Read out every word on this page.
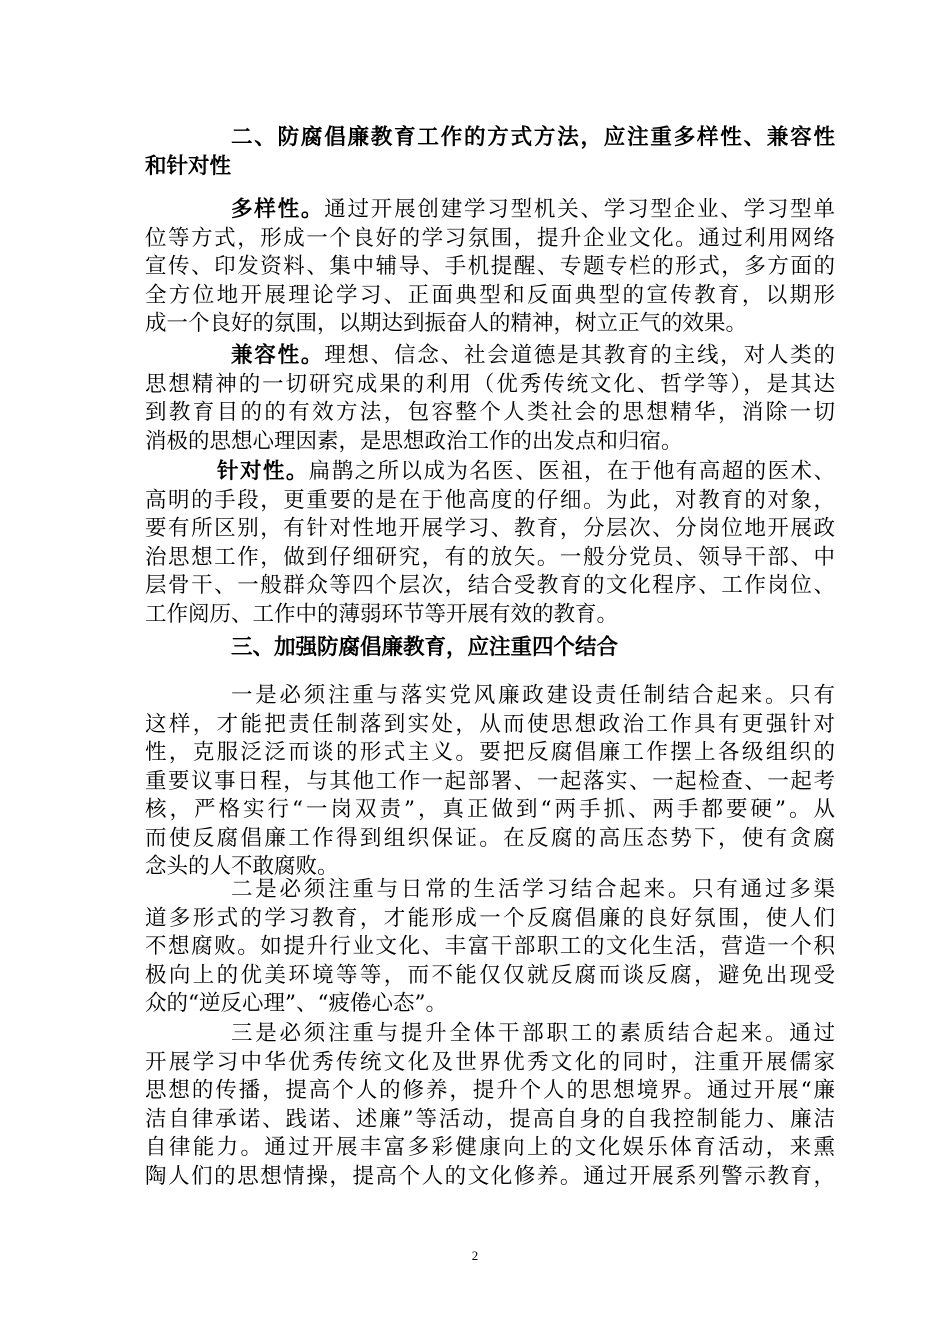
二、防腐倡廉教育工作的方式方法，应注重多样性、兼容性
和针对性
多样性。通过开展创建学习型机关、学习型企业、学习型单
位等方式，形成一个良好的学习氛围，提升企业文化。通过利用网络
宣传、印发资料、集中辅导、手机提醒、专题专栏的形式，多方面的
全方位地开展理论学习、正面典型和反面典型的宣传教育，以期形
成一个良好的氛围，以期达到振奋人的精神，树立正气的效果。
兼容性。理想、信念、社会道德是其教育的主线，对人类的
思想精神的一切研究成果的利用（优秀传统文化、哲学等），是其达
到教育目的的有效方法，包容整个人类社会的思想精华，消除一切
消极的思想心理因素，是思想政治工作的出发点和归宿。
针对性。扁鹊之所以成为名医、医祖，在于他有高超的医术、
高明的手段，更重要的是在于他高度的仔细。为此，对教育的对象，
要有所区别，有针对性地开展学习、教育，分层次、分岗位地开展政
治思想工作，做到仔细研究，有的放矢。一般分党员、领导干部、中
层骨干、一般群众等四个层次，结合受教育的文化程序、工作岗位、
工作阅历、工作中的薄弱环节等开展有效的教育。
三、加强防腐倡廉教育，应注重四个结合
一是必须注重与落实党风廉政建设责任制结合起来。只有
这样，才能把责任制落到实处，从而使思想政治工作具有更强针对
性，克服泛泛而谈的形式主义。要把反腐倡廉工作摆上各级组织的
重要议事日程，与其他工作一起部署、一起落实、一起检查、一起考
核，严格实行“一岗双责”，真正做到“两手抓、两手都要硬”。从
而使反腐倡廉工作得到组织保证。在反腐的高压态势下，使有贪腐
念头的人不敢腐败。
二是必须注重与日常的生活学习结合起来。只有通过多渠
道多形式的学习教育，才能形成一个反腐倡廉的良好氛围，使人们
不想腐败。如提升行业文化、丰富干部职工的文化生活，营造一个积
极向上的优美环境等等，而不能仅仅就反腐而谈反腐，避免出现受
众的“逆反心理”、“疲倦心态”。
三是必须注重与提升全体干部职工的素质结合起来。通过
开展学习中华优秀传统文化及世界优秀文化的同时，注重开展儒家
思想的传播，提高个人的修养，提升个人的思想境界。通过开展“廉
洁自律承诺、践诺、述廉”等活动，提高自身的自我控制能力、廉洁
自律能力。通过开展丰富多彩健康向上的文化娱乐体育活动，来熏
陶人们的思想情操，提高个人的文化修养。通过开展系列警示教育，
2
